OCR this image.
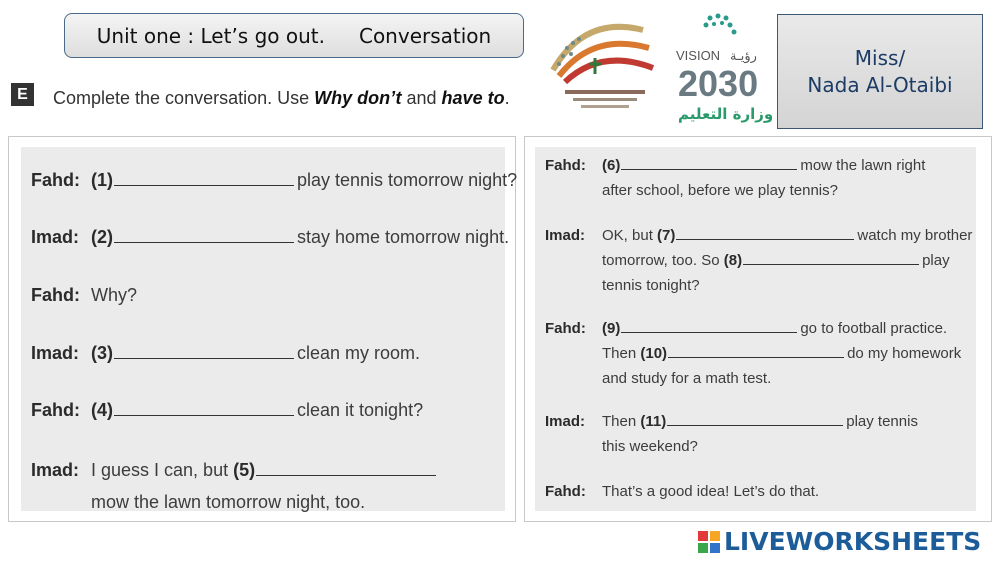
Unit one : Let’s go out. Conversation
VISION رؤيـة
2030
وزارة التعليم
Miss/
Nada Al-Otaibi
E	Complete the conversation. Use Why don’t and have to.
Fahd: (1)	play tennis tomorrow night?
Imad: (2)	stay home tomorrow night.
Fahd: Why?
Imad: (3)	clean my room.
Fahd: (4)	clean it tonight?
Imad: I guess I can, but (5)
mow the lawn tomorrow night, too.
Fahd: (6)	mow the lawn right
after school, before we play tennis?
Imad: OK, but (7)	watch my brother
tomorrow, too. So (8)	play
tennis tonight?
Fahd: (9)	go to football practice.
Then (10)	do my homework
and study for a math test.
Imad: Then (11)	play tennis
this weekend?
Fahd: That’s a good idea! Let’s do that.
LIVEWORKSHEETS
